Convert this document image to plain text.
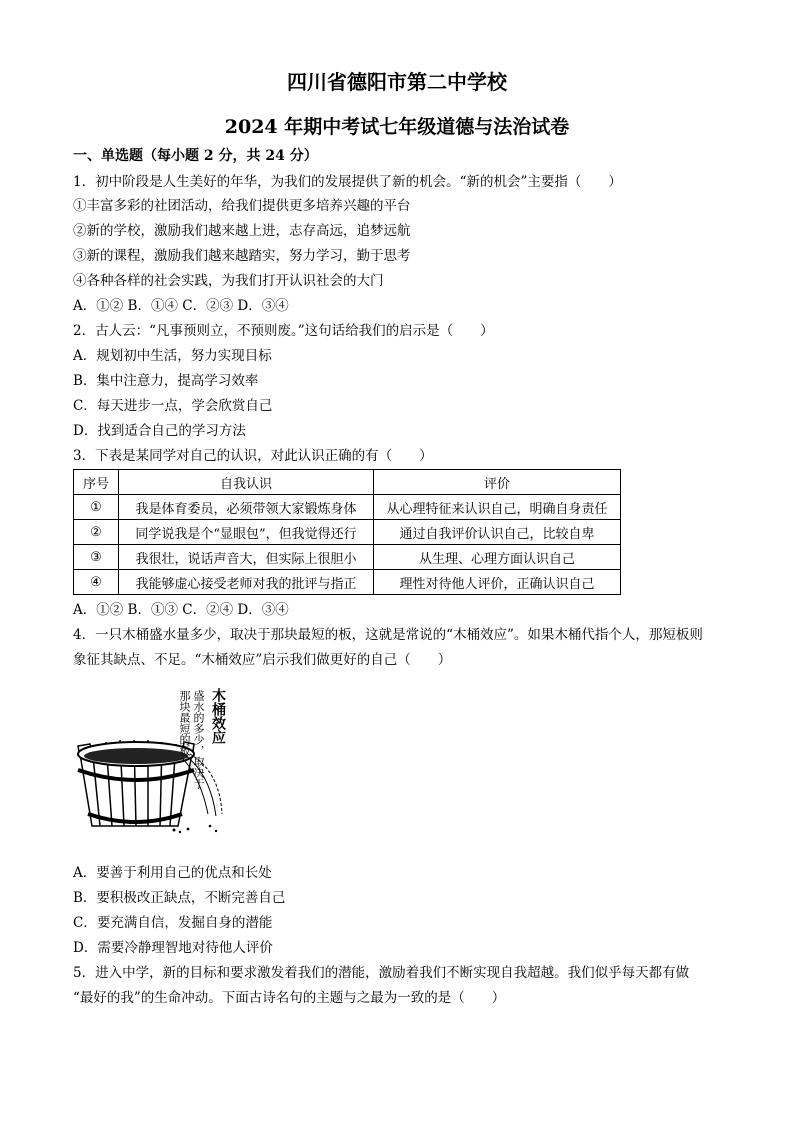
四川省德阳市第二中学校
2024 年期中考试七年级道德与法治试卷
一、单选题（每小题 2 分，共 24 分）
1．初中阶段是人生美好的年华，为我们的发展提供了新的机会。“新的机会”主要指（　　）
①丰富多彩的社团活动，给我们提供更多培养兴趣的平台
②新的学校，激励我们越来越上进，志存高远，追梦远航
③新的课程，激励我们越来越踏实，努力学习，勤于思考
④各种各样的社会实践，为我们打开认识社会的大门
A．①② B．①④ C．②③ D．③④
2．古人云：“凡事预则立，不预则废。”这句话给我们的启示是（　　）
A．规划初中生活，努力实现目标
B．集中注意力，提高学习效率
C．每天进步一点，学会欣赏自己
D．找到适合自己的学习方法
3．下表是某同学对自己的认识，对此认识正确的有（　　）
序号	自我认识	评价
①	我是体育委员，必须带领大家锻炼身体	从心理特征来认识自己，明确自身责任
②	同学说我是个“显眼包”，但我觉得还行	通过自我评价认识自己，比较自卑
③	我很壮，说话声音大，但实际上很胆小	从生理、心理方面认识自己
④	我能够虚心接受老师对我的批评与指正	理性对待他人评价，正确认识自己
A．①② B．①③ C．②④ D．③④
4．一只木桶盛水量多少，取决于那块最短的板，这就是常说的“木桶效应”。如果木桶代指个人，那短板则
象征其缺点、不足。“木桶效应”启示我们做更好的自己（　　）
那块最短的板。 盛水的多少，取决于 木桶效应
A．要善于利用自己的优点和长处
B．要积极改正缺点，不断完善自己
C．要充满自信，发掘自身的潜能
D．需要冷静理智地对待他人评价
5．进入中学，新的目标和要求激发着我们的潜能，激励着我们不断实现自我超越。我们似乎每天都有做
“最好的我”的生命冲动。下面古诗名句的主题与之最为一致的是（　　）
